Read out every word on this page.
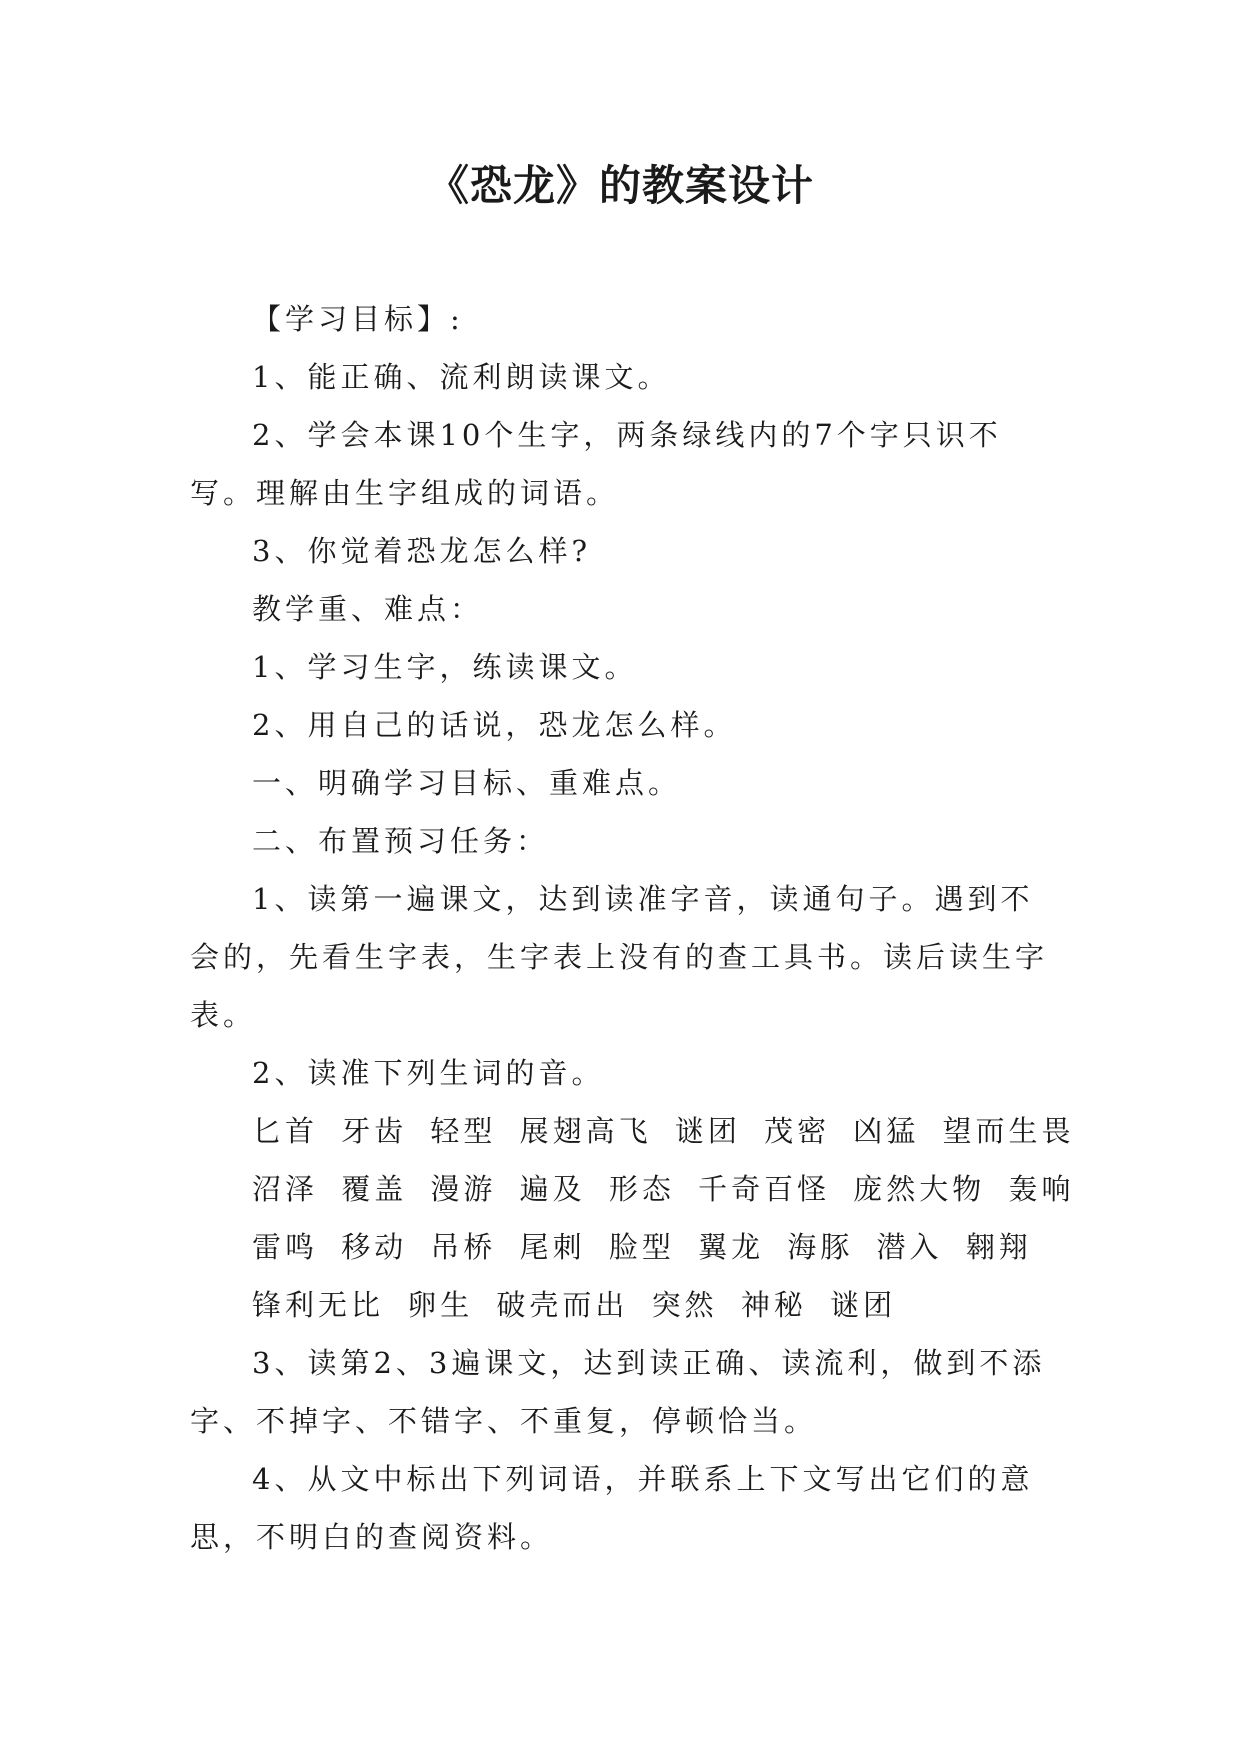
《恐龙》的教案设计

【学习目标】:

1、能正确、流利朗读课文。

2、学会本课10个生字，两条绿线内的7个字只识不写。理解由生字组成的词语。

3、你觉着恐龙怎么样?

教学重、难点：

1、学习生字，练读课文。

2、用自己的话说，恐龙怎么样。

一、明确学习目标、重难点。

二、布置预习任务：

1、读第一遍课文，达到读准字音，读通句子。遇到不会的，先看生字表，生字表上没有的查工具书。读后读生字表。

2、读准下列生词的音。

匕首 牙齿 轻型 展翅高飞 谜团 茂密 凶猛 望而生畏

沼泽 覆盖 漫游 遍及 形态 千奇百怪 庞然大物 轰响

雷鸣 移动 吊桥 尾刺 脸型 翼龙 海豚 潜入 翱翔

锋利无比 卵生 破壳而出 突然 神秘 谜团

3、读第2、3遍课文，达到读正确、读流利，做到不添字、不掉字、不错字、不重复，停顿恰当。

4、从文中标出下列词语，并联系上下文写出它们的意思，不明白的查阅资料。
